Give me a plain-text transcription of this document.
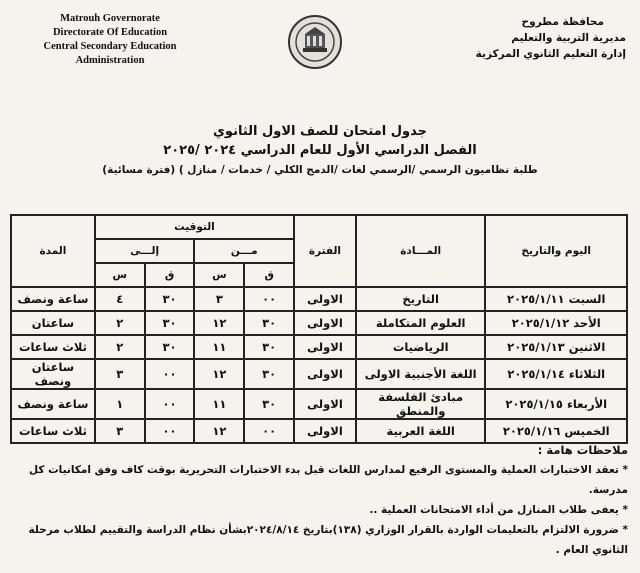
Matrouh Governorate
Directorate Of Education
Central Secondary Education Administration
محافظة مطروح
مديرية التربية والتعليم
إدارة التعليم الثانوي المركزية
جدول امتحان للصف الاول الثانوي
الفصل الدراسي الأول للعام الدراسي ٢٠٢٤ /٢٠٢٥
طلبة نظاميون الرسمي /الرسمي لغات /الدمج الكلي / خدمات / منازل ) (فترة مسائية)
اليوم والتاريخ	المـــادة	الفترة	التوقيت				المدة
			مـــن		إلـــى		
			ق	س	ق	س	
السبت ٢٠٢٥/١/١١	التاريخ	الاولى	٠٠	٣	٣٠	٤	ساعة ونصف
الأحد ٢٠٢٥/١/١٢	العلوم المتكاملة	الاولى	٣٠	١٢	٣٠	٢	ساعتان
الاثنين ٢٠٢٥/١/١٣	الرياضيات	الاولى	٣٠	١١	٣٠	٢	ثلاث ساعات
الثلاثاء ٢٠٢٥/١/١٤	اللغة الأجنبية الاولى	الاولى	٣٠	١٢	٠٠	٣	ساعتان ونصف
الأربعاء ٢٠٢٥/١/١٥	مبادئ الفلسفة والمنطق	الاولى	٣٠	١١	٠٠	١	ساعة ونصف
الخميس ٢٠٢٥/١/١٦	اللغة العربية	الاولى	٠٠	١٢	٠٠	٣	ثلاث ساعات
ملاحظات هامة :

* تعقد الاختبارات العملية والمستوى الرفيع لمدارس اللغات قبل بدء الاختبارات التحريرية بوقت كاف وفق امكانيات كل مدرسة.

* يعفى طلاب المنازل من أداء الامتحانات العملية ..

* ضرورة الالتزام بالتعليمات الواردة بالقرار الوزاري (١٣٨)بتاريخ ٢٠٢٤/٨/١٤بشأن نظام الدراسة والتقييم لطلاب مرحلة الثانوي العام .
